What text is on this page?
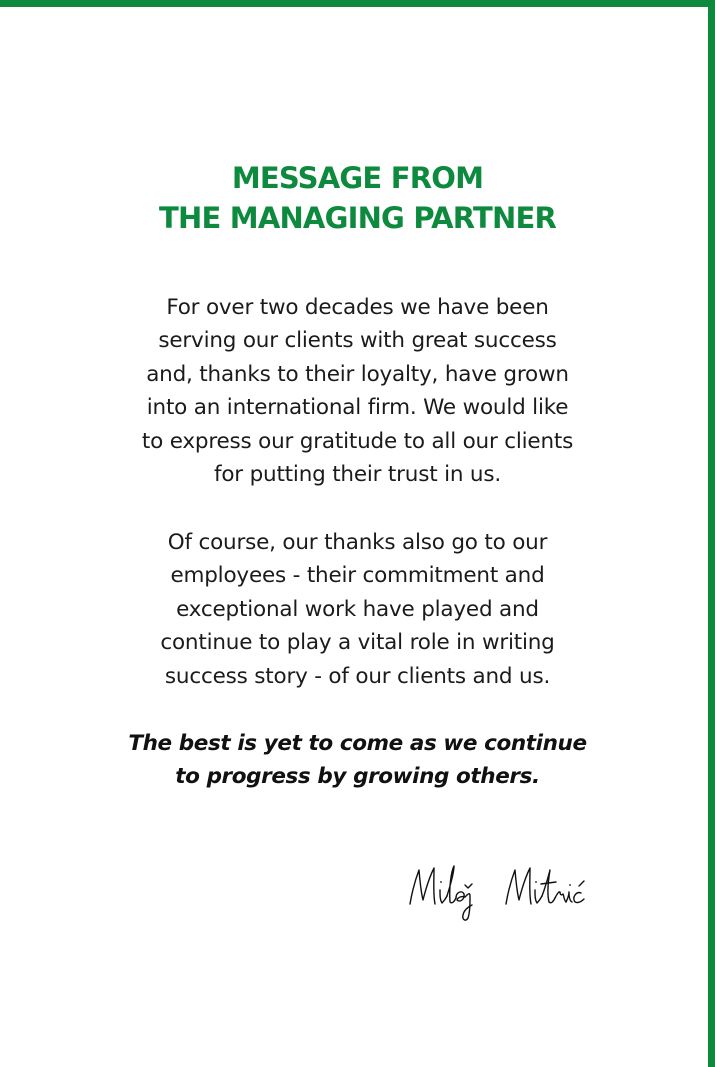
MESSAGE FROM
THE MANAGING PARTNER

For over two decades we have been
serving our clients with great success
and, thanks to their loyalty, have grown
into an international firm. We would like
to express our gratitude to all our clients
for putting their trust in us.

Of course, our thanks also go to our
employees - their commitment and
exceptional work have played and
continue to play a vital role in writing
success story - of our clients and us.

The best is yet to come as we continue
to progress by growing others.
